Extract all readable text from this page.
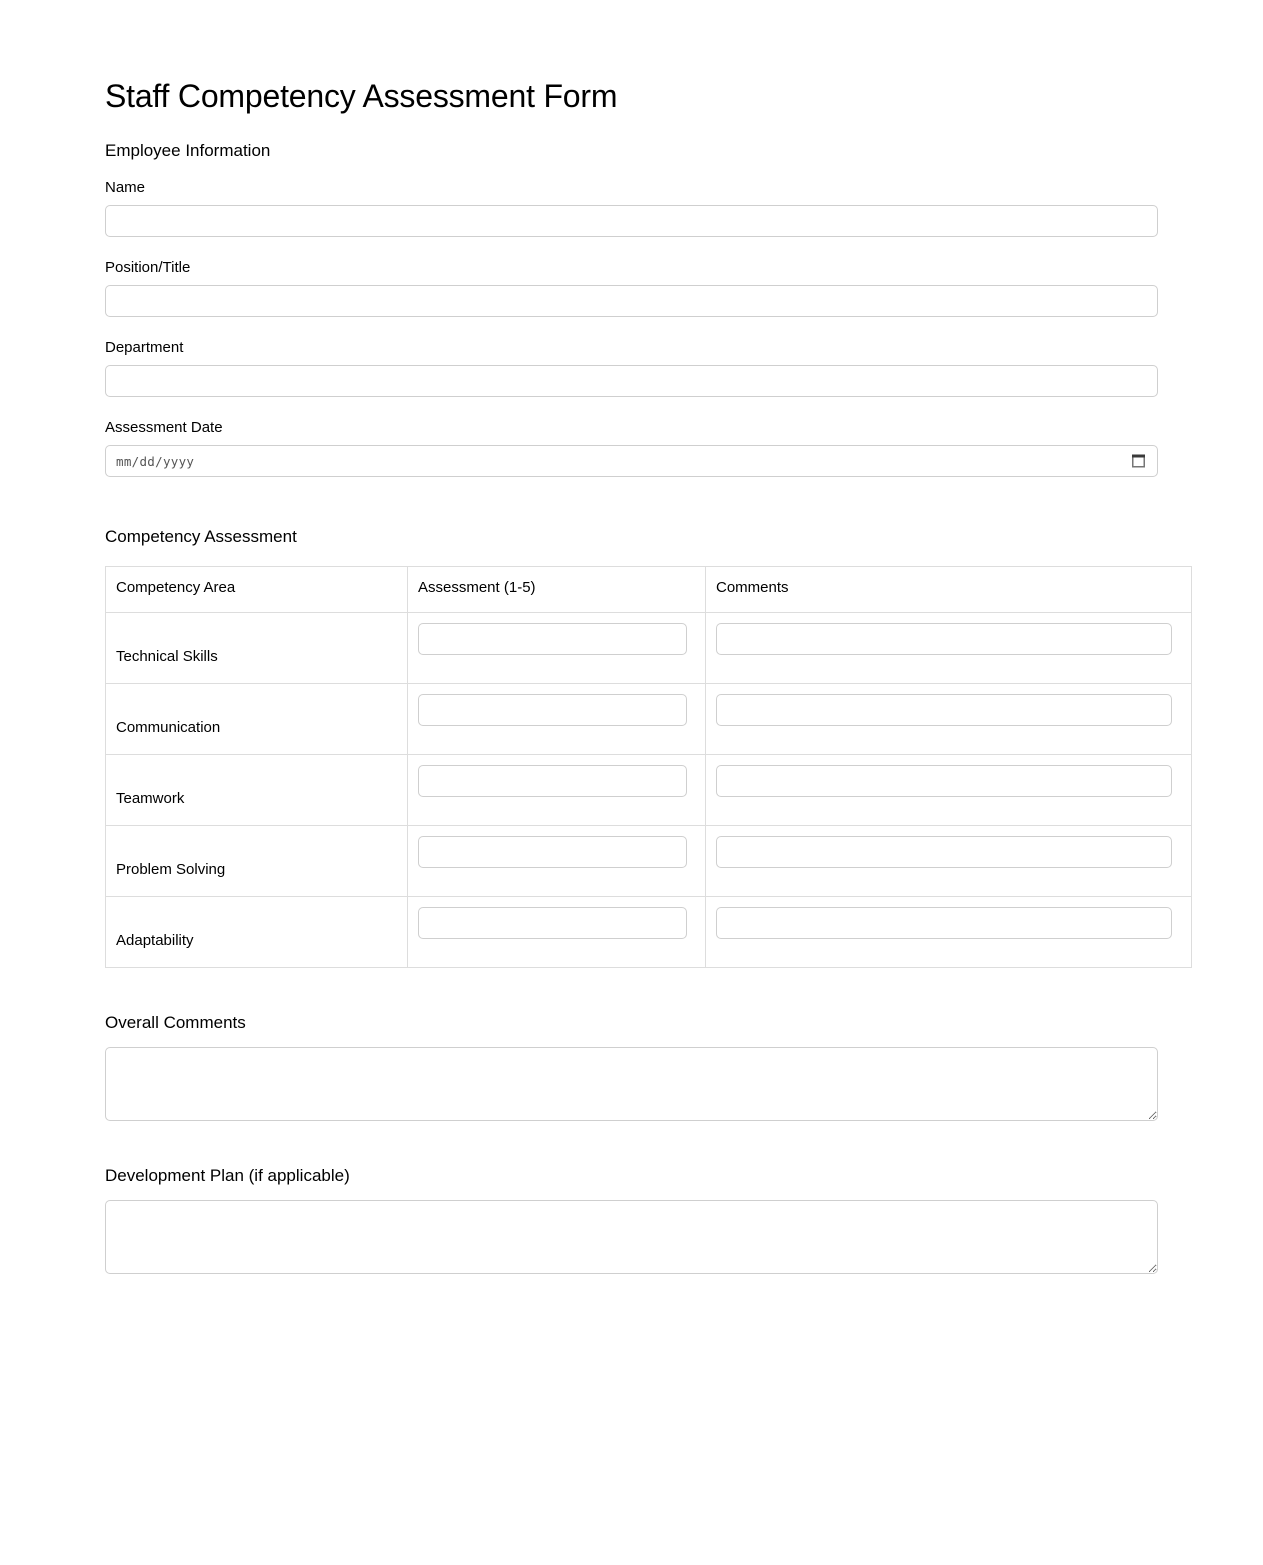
Staff Competency Assessment Form
Employee Information
Name
Position/Title
Department
Assessment Date
mm/dd/yyyy
Competency Assessment
Competency Area	Assessment (1-5)	Comments

Technical Skills

Communication

Teamwork

Problem Solving

Adaptability

Overall Comments
Development Plan (if applicable)
